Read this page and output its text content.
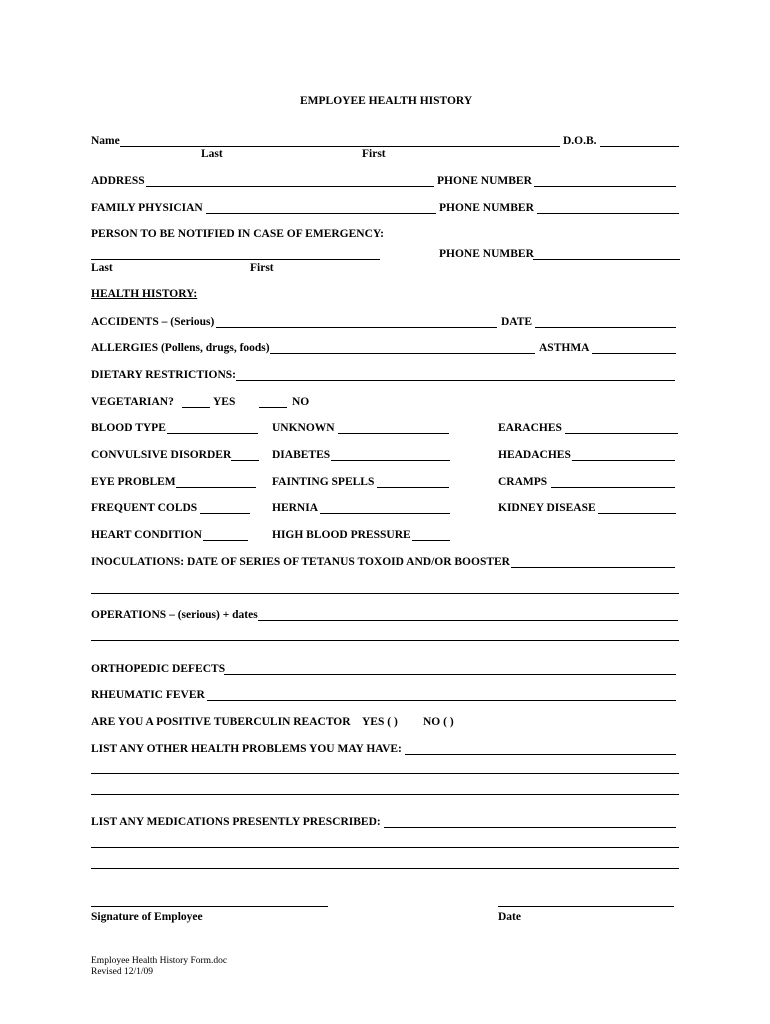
EMPLOYEE HEALTH HISTORY
Name	D.O.B.
Last	First
ADDRESS	PHONE NUMBER
FAMILY PHYSICIAN	PHONE NUMBER
PERSON TO BE NOTIFIED IN CASE OF EMERGENCY:
PHONE NUMBER
Last	First
HEALTH HISTORY:
ACCIDENTS – (Serious)	DATE
ALLERGIES (Pollens, drugs, foods)	ASTHMA
DIETARY RESTRICTIONS:
VEGETARIAN?	YES	NO
BLOOD TYPE	UNKNOWN	EARACHES
CONVULSIVE DISORDER	DIABETES	HEADACHES
EYE PROBLEM	FAINTING SPELLS	CRAMPS
FREQUENT COLDS	HERNIA	KIDNEY DISEASE
HEART CONDITION	HIGH BLOOD PRESSURE
INOCULATIONS: DATE OF SERIES OF TETANUS TOXOID AND/OR BOOSTER
OPERATIONS – (serious) + dates
ORTHOPEDIC DEFECTS
RHEUMATIC FEVER
ARE YOU A POSITIVE TUBERCULIN REACTOR YES ( ) NO ( )
LIST ANY OTHER HEALTH PROBLEMS YOU MAY HAVE:
LIST ANY MEDICATIONS PRESENTLY PRESCRIBED:
Signature of Employee	Date
Employee Health History Form.doc
Revised 12/1/09
